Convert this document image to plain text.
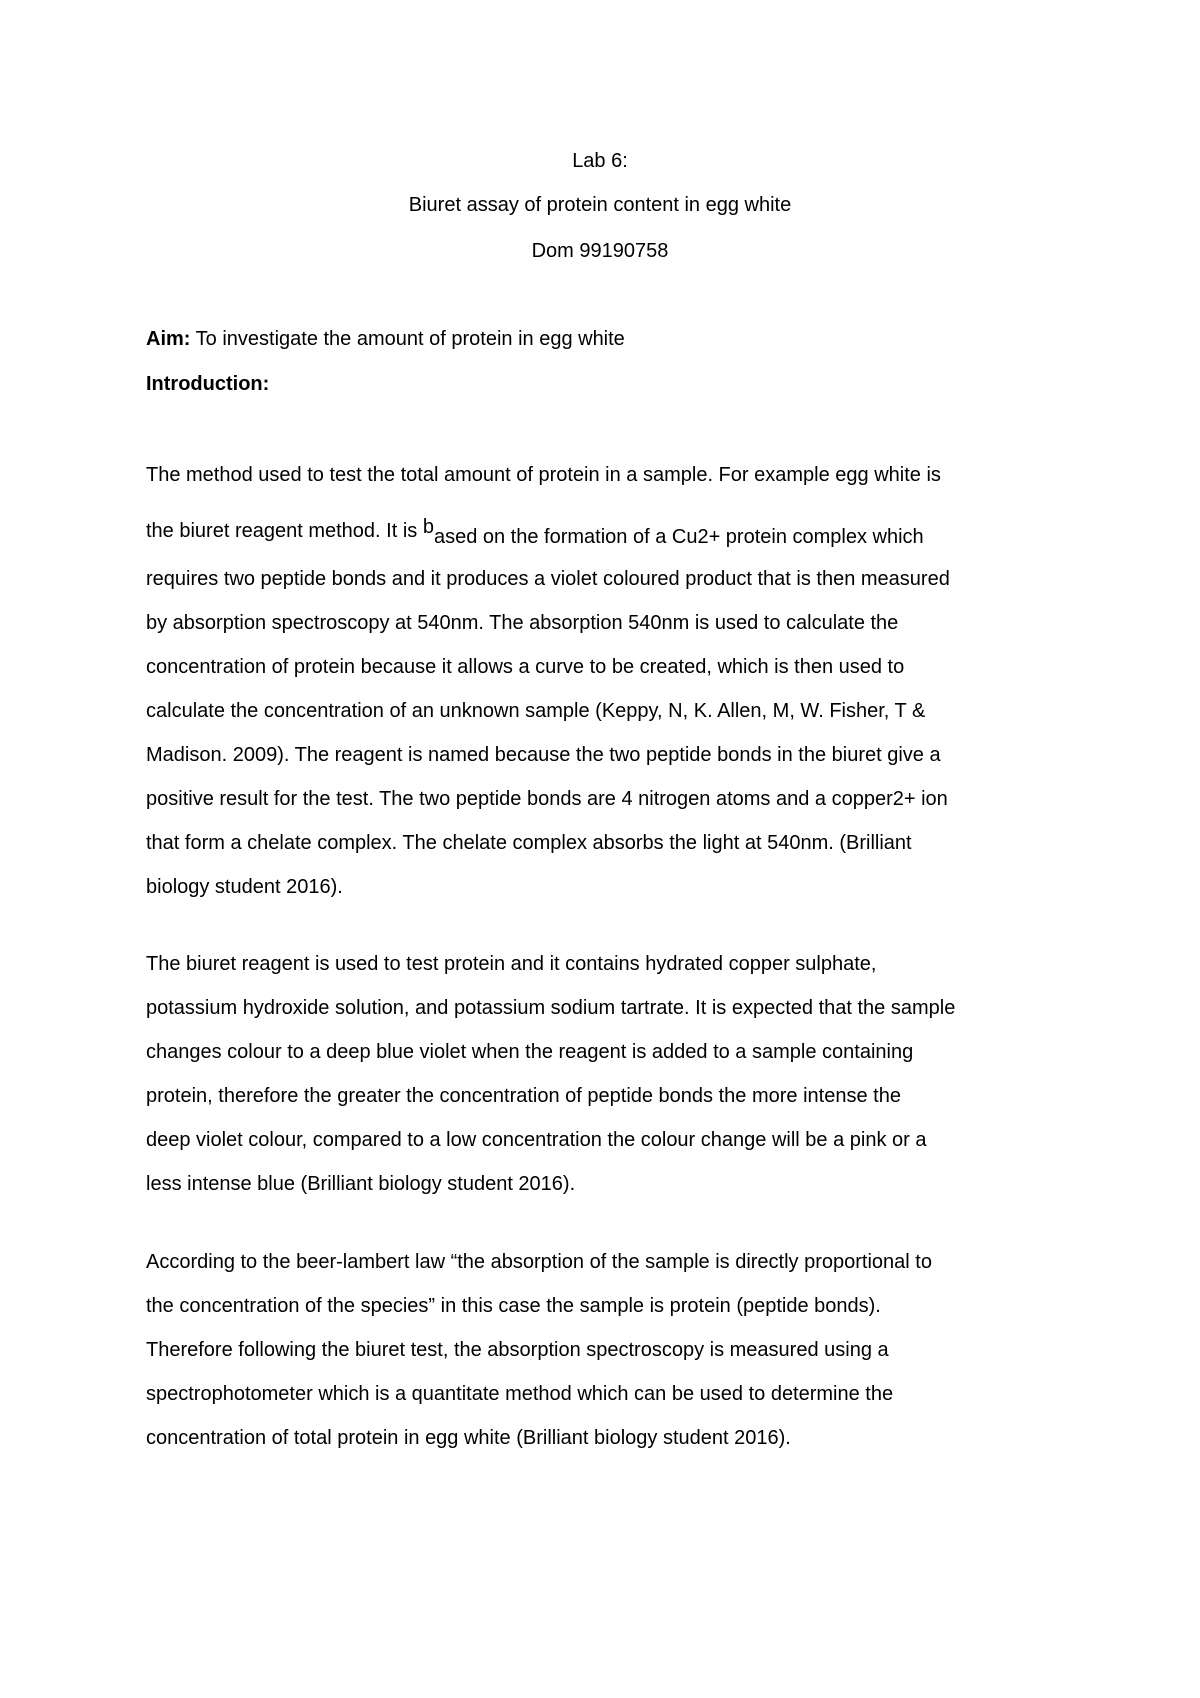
Lab 6:
Biuret assay of protein content in egg white
Dom 99190758
Aim: To investigate the amount of protein in egg white
Introduction:
The method used to test the total amount of protein in a sample. For example egg white is
the biuret reagent method. It is based on the formation of a Cu2+ protein complex which
requires two peptide bonds and it produces a violet coloured product that is then measured
by absorption spectroscopy at 540nm. The absorption 540nm is used to calculate the
concentration of protein because it allows a curve to be created, which is then used to
calculate the concentration of an unknown sample (Keppy, N, K. Allen, M, W. Fisher, T &
Madison. 2009). The reagent is named because the two peptide bonds in the biuret give a
positive result for the test. The two peptide bonds are 4 nitrogen atoms and a copper2+ ion
that form a chelate complex. The chelate complex absorbs the light at 540nm. (Brilliant
biology student 2016).
The biuret reagent is used to test protein and it contains hydrated copper sulphate,
potassium hydroxide solution, and potassium sodium tartrate. It is expected that the sample
changes colour to a deep blue violet when the reagent is added to a sample containing
protein, therefore the greater the concentration of peptide bonds the more intense the
deep violet colour, compared to a low concentration the colour change will be a pink or a
less intense blue (Brilliant biology student 2016).
According to the beer-lambert law “the absorption of the sample is directly proportional to
the concentration of the species” in this case the sample is protein (peptide bonds).
Therefore following the biuret test, the absorption spectroscopy is measured using a
spectrophotometer which is a quantitate method which can be used to determine the
concentration of total protein in egg white (Brilliant biology student 2016).
